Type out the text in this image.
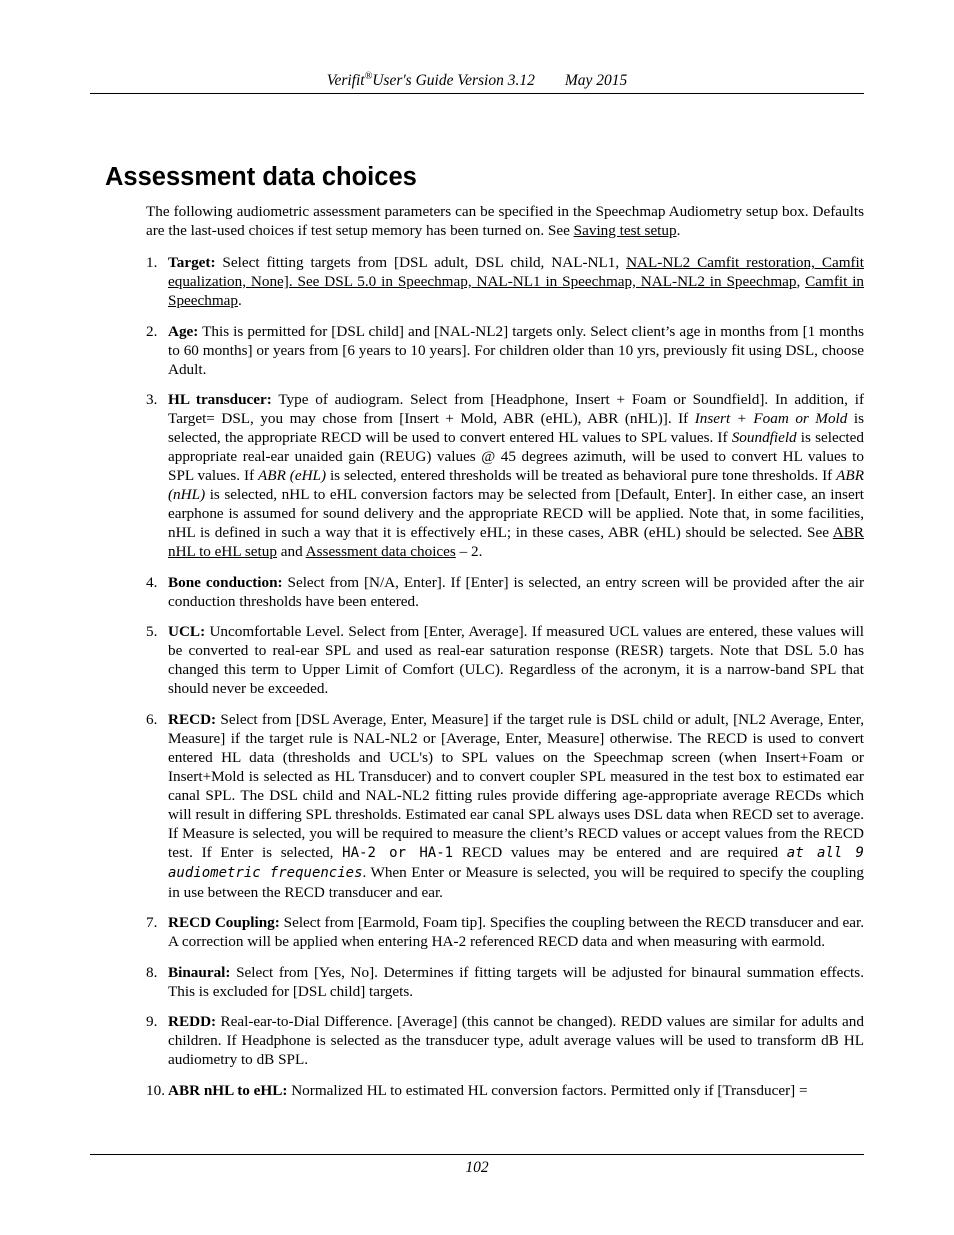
Verifit®User's Guide Version 3.12 May 2015
Assessment data choices

The following audiometric assessment parameters can be specified in the Speechmap Audiometry setup box. Defaults are the last-used choices if test setup memory has been turned on. See Saving test setup.

1. Target: Select fitting targets from [DSL adult, DSL child, NAL-NL1, NAL-NL2 Camfit restoration, Camfit equalization, None]. See DSL 5.0 in Speechmap, NAL-NL1 in Speechmap, NAL-NL2 in Speechmap, Camfit in Speechmap.
2. Age: This is permitted for [DSL child] and [NAL-NL2] targets only. Select client’s age in months from [1 months to 60 months] or years from [6 years to 10 years]. For children older than 10 yrs, previously fit using DSL, choose Adult.
3. HL transducer: Type of audiogram. Select from [Headphone, Insert + Foam or Soundfield]. In addition, if Target= DSL, you may chose from [Insert + Mold, ABR (eHL), ABR (nHL)]. If Insert + Foam or Mold is selected, the appropriate RECD will be used to convert entered HL values to SPL values. If Soundfield is selected appropriate real-ear unaided gain (REUG) values @ 45 degrees azimuth, will be used to convert HL values to SPL values. If ABR (eHL) is selected, entered thresholds will be treated as behavioral pure tone thresholds. If ABR (nHL) is selected, nHL to eHL conversion factors may be selected from [Default, Enter]. In either case, an insert earphone is assumed for sound delivery and the appropriate RECD will be applied. Note that, in some facilities, nHL is defined in such a way that it is effectively eHL; in these cases, ABR (eHL) should be selected. See ABR nHL to eHL setup and Assessment data choices – 2.
4. Bone conduction: Select from [N/A, Enter]. If [Enter] is selected, an entry screen will be provided after the air conduction thresholds have been entered.
5. UCL: Uncomfortable Level. Select from [Enter, Average]. If measured UCL values are entered, these values will be converted to real-ear SPL and used as real-ear saturation response (RESR) targets. Note that DSL 5.0 has changed this term to Upper Limit of Comfort (ULC). Regardless of the acronym, it is a narrow-band SPL that should never be exceeded.
6. RECD: Select from [DSL Average, Enter, Measure] if the target rule is DSL child or adult, [NL2 Average, Enter, Measure] if the target rule is NAL-NL2 or [Average, Enter, Measure] otherwise. The RECD is used to convert entered HL data (thresholds and UCL's) to SPL values on the Speechmap screen (when Insert+Foam or Insert+Mold is selected as HL Transducer) and to convert coupler SPL measured in the test box to estimated ear canal SPL. The DSL child and NAL-NL2 fitting rules provide differing age-appropriate average RECDs which will result in differing SPL thresholds. Estimated ear canal SPL always uses DSL data when RECD set to average. If Measure is selected, you will be required to measure the client’s RECD values or accept values from the RECD test. If Enter is selected, HA-2 or HA-1 RECD values may be entered and are required at all 9 audiometric frequencies. When Enter or Measure is selected, you will be required to specify the coupling in use between the RECD transducer and ear.
7. RECD Coupling: Select from [Earmold, Foam tip]. Specifies the coupling between the RECD transducer and ear. A correction will be applied when entering HA-2 referenced RECD data and when measuring with earmold.
8. Binaural: Select from [Yes, No]. Determines if fitting targets will be adjusted for binaural summation effects. This is excluded for [DSL child] targets.
9. REDD: Real-ear-to-Dial Difference. [Average] (this cannot be changed). REDD values are similar for adults and children. If Headphone is selected as the transducer type, adult average values will be used to transform dB HL audiometry to dB SPL.
10. ABR nHL to eHL: Normalized HL to estimated HL conversion factors. Permitted only if [Transducer] =
102
